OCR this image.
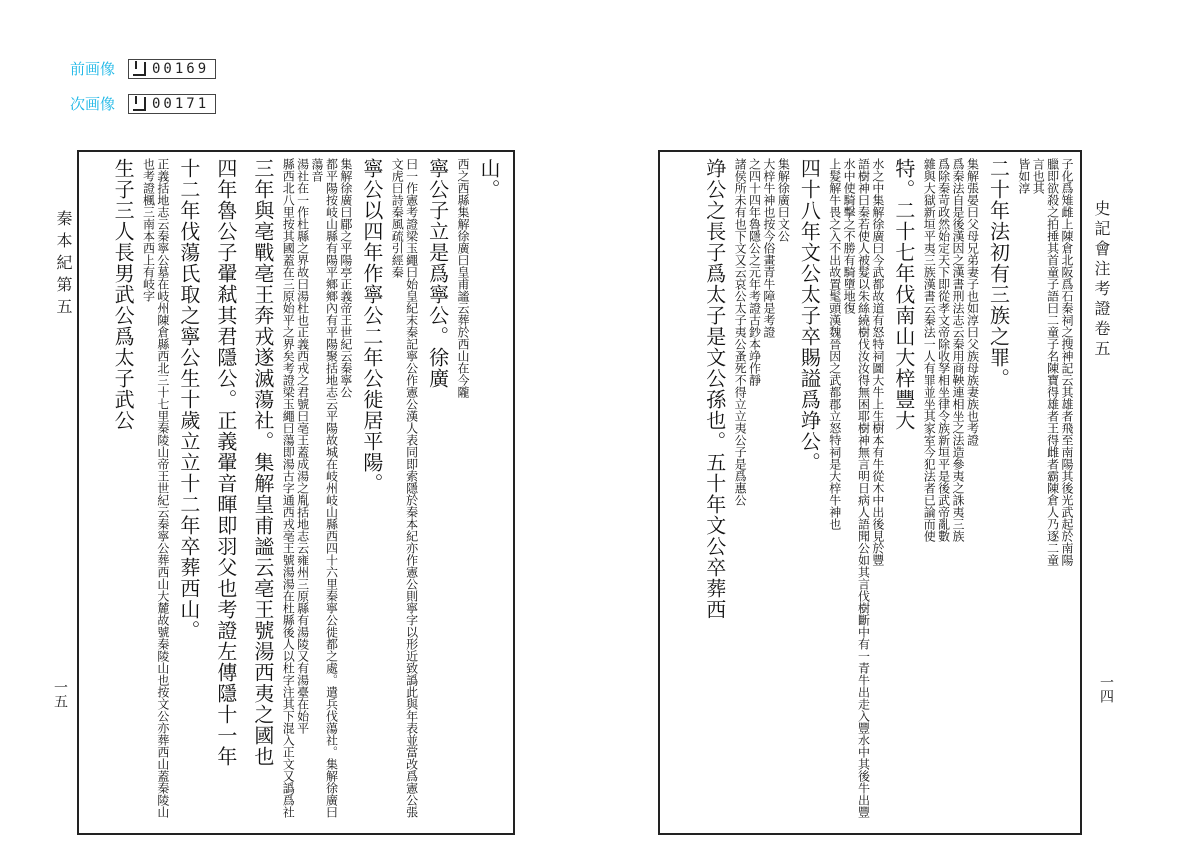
前画像	00169
次画像	00171
秦本紀第五
一五
山。
西之西縣集解徐廣曰皇甫謐云葬於西山在今隴
寧公子立是爲寧公。徐廣
曰一作憲考證梁玉繩曰始皇紀末秦記寧公作憲公漢人表同即索隱於秦本紀亦作憲公則寧字以形近致譌此與年表並當改爲憲公張文虎曰詩秦風疏引經秦
寧公以四年作寧公二年公徙居平陽。
集解徐廣曰郿之平陽亭正義帝王世紀云秦寧公
都平陽按岐山縣有陽平鄉鄉內有平陽聚括地志云平陽故城在岐州岐山縣西四十六里秦寧公徙都之處。遣兵伐蕩社。集解徐廣曰蕩音
湯社在一作杜縣之界故曰湯杜也正義西戎之君號曰亳王蓋成湯之胤括地志云雍州三原縣有湯陵又有湯臺在始平
縣西北八里按其國蓋在三原始平之界矣考證梁玉繩曰蕩即湯古字通西戎亳王號湯湯在杜縣後人以杜字注其下混入正文又譌爲社
三年與亳戰亳王奔戎遂滅蕩社。集解皇甫謐云亳王號湯西夷之國也
四年魯公子翬弒其君隱公。正義翬音暉即羽父也考證左傳隱十一年
十二年伐蕩氏取之寧公生十歲立立十二年卒葬西山。
正義括地志云秦寧公墓在岐州陳倉縣西北三十七里秦陵山帝王世紀云秦寧公葬西山大麓故號秦陵山也按文公亦葬西山蓋秦陵山也考證楓三南本西上有岐字
生子三人長男武公爲太子武公	史記會注考證卷五
一四
子化爲雉雌上陳倉北阪爲石秦祠之搜神記云其雄者飛至南陽其後光武起於南陽
臘即欲殺之拍捶其首童子語曰二童子名陳寶得雄者王得雌者霸陳倉人乃逐二童
言也其
皆如淳
二十年法初有三族之罪。
集解張晏曰父母兄弟妻子也如淳曰父族母族妻族也考證
爲秦法自是後漢因之漢書刑法志云秦用商鞅連相坐之法造參夷之誅夷三族
爲除秦苛政然始定天下即從孝文帝除收孥相坐律令族新垣平是後武帝亂數
雜與大獄新垣平夷三族漢書云秦法一人有罪並坐其家室今犯法者已論而使
特。二十七年伐南山大梓豐大
水之中集解徐廣曰今武都故道有怒特祠圖大牛上生樹本有牛從木中出後見於豐
語樹神曰秦若使人被髮以朱絲繞樹伐汝汝得無困耶樹神無言明日病人語聞公如其言伐樹斷中有一青牛出走入豐水中其後牛出豐水中使騎擊之不勝有騎墮地復
上髮解牛畏之入不出故置髦頭漢魏晉因之武都郡立怒特祠是大梓牛神也
四十八年文公太子卒賜謚爲竫公。
集解徐廣曰文公
大梓牛神也按今俗畫青牛障是考證
之四十四年魯隱公之元年考證古鈔本竫作靜
諸侯所未有也下文又云哀公太子夷公蚤死不得立立夷公子是爲惠公
竫公之長子爲太子是文公孫也。五十年文公卒葬西
